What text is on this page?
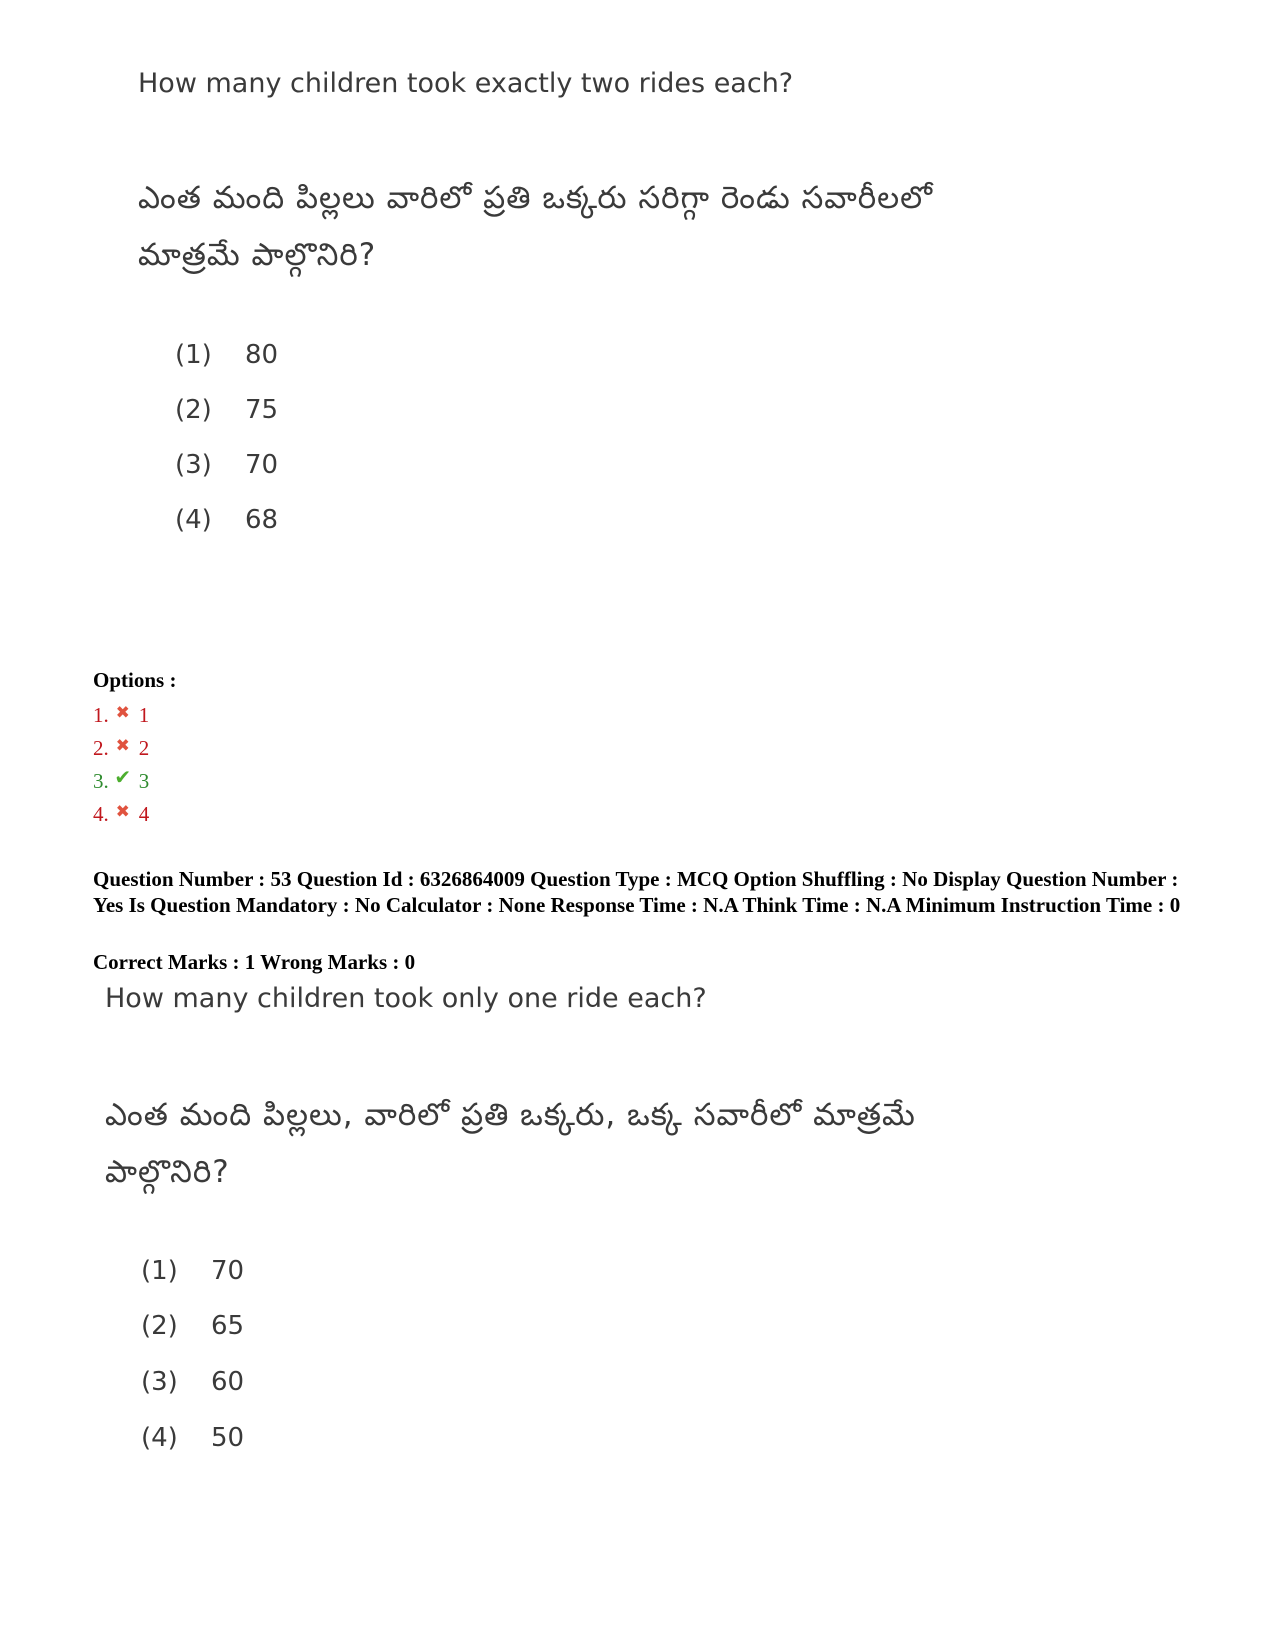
How many children took exactly two rides each?
ఎంత మంది పిల్లలు వారిలో ప్రతి ఒక్కరు సరిగ్గా రెండు సవారీలలో
మాత్రమే పాల్గొనిరి?
(1) 80
(2) 75
(3) 70
(4) 68
Options :
1. ✖ 1
2. ✖ 2
3. ✔ 3
4. ✖ 4
Question Number : 53 Question Id : 6326864009 Question Type : MCQ Option Shuffling : No Display Question Number : Yes Is Question Mandatory : No Calculator : None Response Time : N.A Think Time : N.A Minimum Instruction Time : 0
Correct Marks : 1 Wrong Marks : 0
How many children took only one ride each?
ఎంత మంది పిల్లలు, వారిలో ప్రతి ఒక్కరు, ఒక్క సవారీలో మాత్రమే
పాల్గొనిరి?
(1) 70
(2) 65
(3) 60
(4) 50
